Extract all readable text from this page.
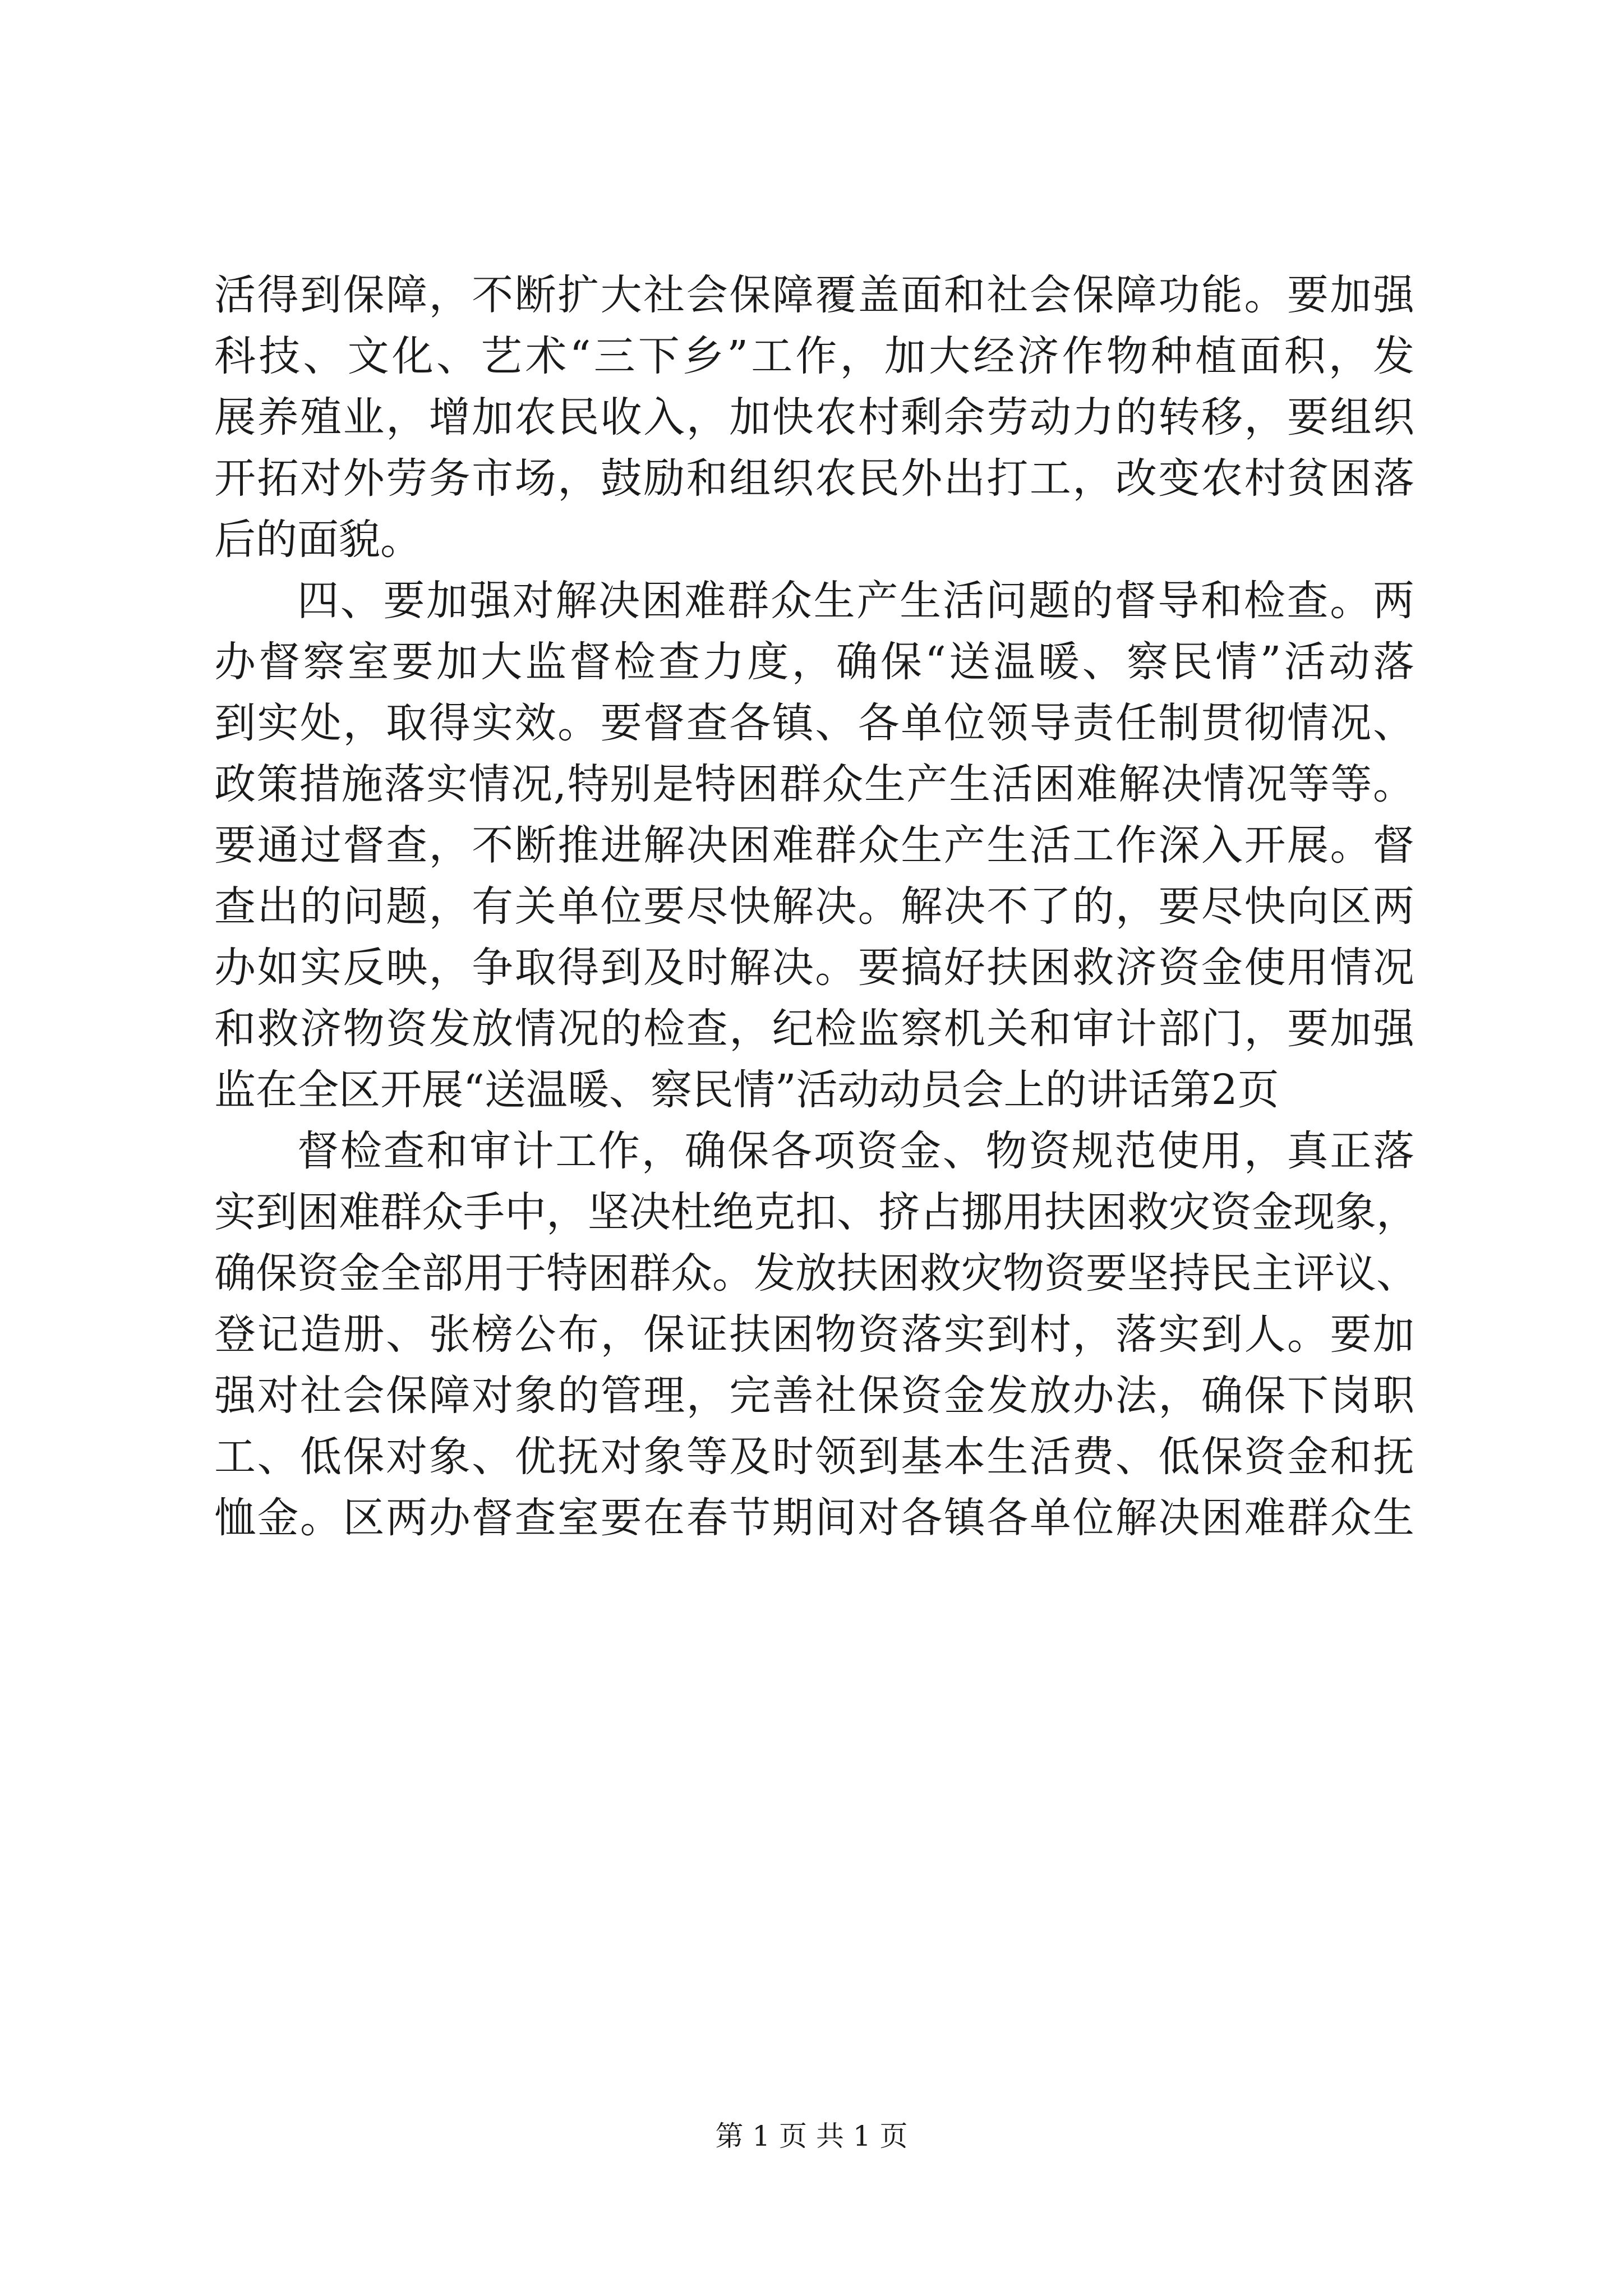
活得到保障，不断扩大社会保障覆盖面和社会保障功能。要加强
科技、文化、艺术“三下乡”工作，加大经济作物种植面积，发
展养殖业，增加农民收入，加快农村剩余劳动力的转移，要组织
开拓对外劳务市场，鼓励和组织农民外出打工，改变农村贫困落
后的面貌。
四、要加强对解决困难群众生产生活问题的督导和检查。两
办督察室要加大监督检查力度，确保“送温暖、察民情”活动落
到实处，取得实效。要督查各镇、各单位领导责任制贯彻情况、
政策措施落实情况,特别是特困群众生产生活困难解决情况等等。
要通过督查，不断推进解决困难群众生产生活工作深入开展。督
查出的问题，有关单位要尽快解决。解决不了的，要尽快向区两
办如实反映，争取得到及时解决。要搞好扶困救济资金使用情况
和救济物资发放情况的检查，纪检监察机关和审计部门，要加强
监在全区开展“送温暖、察民情”活动动员会上的讲话第2页
督检查和审计工作，确保各项资金、物资规范使用，真正落
实到困难群众手中，坚决杜绝克扣、挤占挪用扶困救灾资金现象，
确保资金全部用于特困群众。发放扶困救灾物资要坚持民主评议、
登记造册、张榜公布，保证扶困物资落实到村，落实到人。要加
强对社会保障对象的管理，完善社保资金发放办法，确保下岗职
工、低保对象、优抚对象等及时领到基本生活费、低保资金和抚
恤金。区两办督查室要在春节期间对各镇各单位解决困难群众生
第 1 页 共 1 页
